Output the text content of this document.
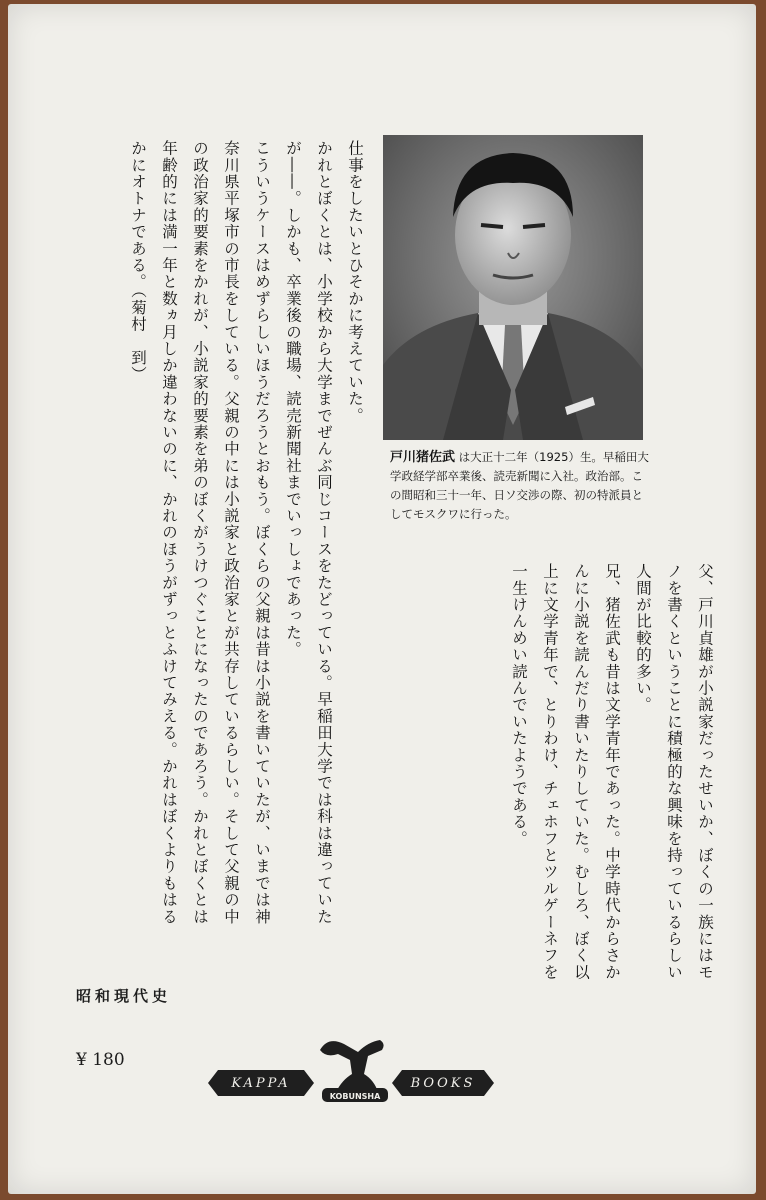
戸川猪佐武 は大正十二年（1925）生。早稲田大学政経学部卒業後、読売新聞に入社。政治部。この間昭和三十一年、日ソ交渉の際、初の特派員としてモスクワに行った。
仕事をしたいとひそかに考えていた。
かれとぼくとは、小学校から大学までぜんぶ同じコースをたどっている。早稲田大学では科は違っていたが――。しかも、卒業後の職場、読売新聞社までいっしょであった。
こういうケースはめずらしいほうだろうとおもう。ぼくらの父親は昔は小説を書いていたが、いまでは神奈川県平塚市の市長をしている。父親の中には小説家と政治家とが共存しているらしい。そして父親の中の政治家的要素をかれが、小説家的要素を弟のぼくがうけつぐことになったのであろう。かれとぼくとは年齢的には満一年と数ヵ月しか違わないのに、かれのほうがずっとふけてみえる。かれはぼくよりもはるかにオトナである。（菊村　到）
父、戸川貞雄が小説家だったせいか、ぼくの一族にはモノを書くということに積極的な興味を持っているらしい人間が比較的多い。
兄、猪佐武も昔は文学青年であった。中学時代からさかんに小説を読んだり書いたりしていた。むしろ、ぼく以上に文学青年で、とりわけ、チェホフとツルゲーネフを一生けんめい読んでいたようである。
昭和現代史
¥ 180
KAPPA	BOOKS
KOBUNSHA
